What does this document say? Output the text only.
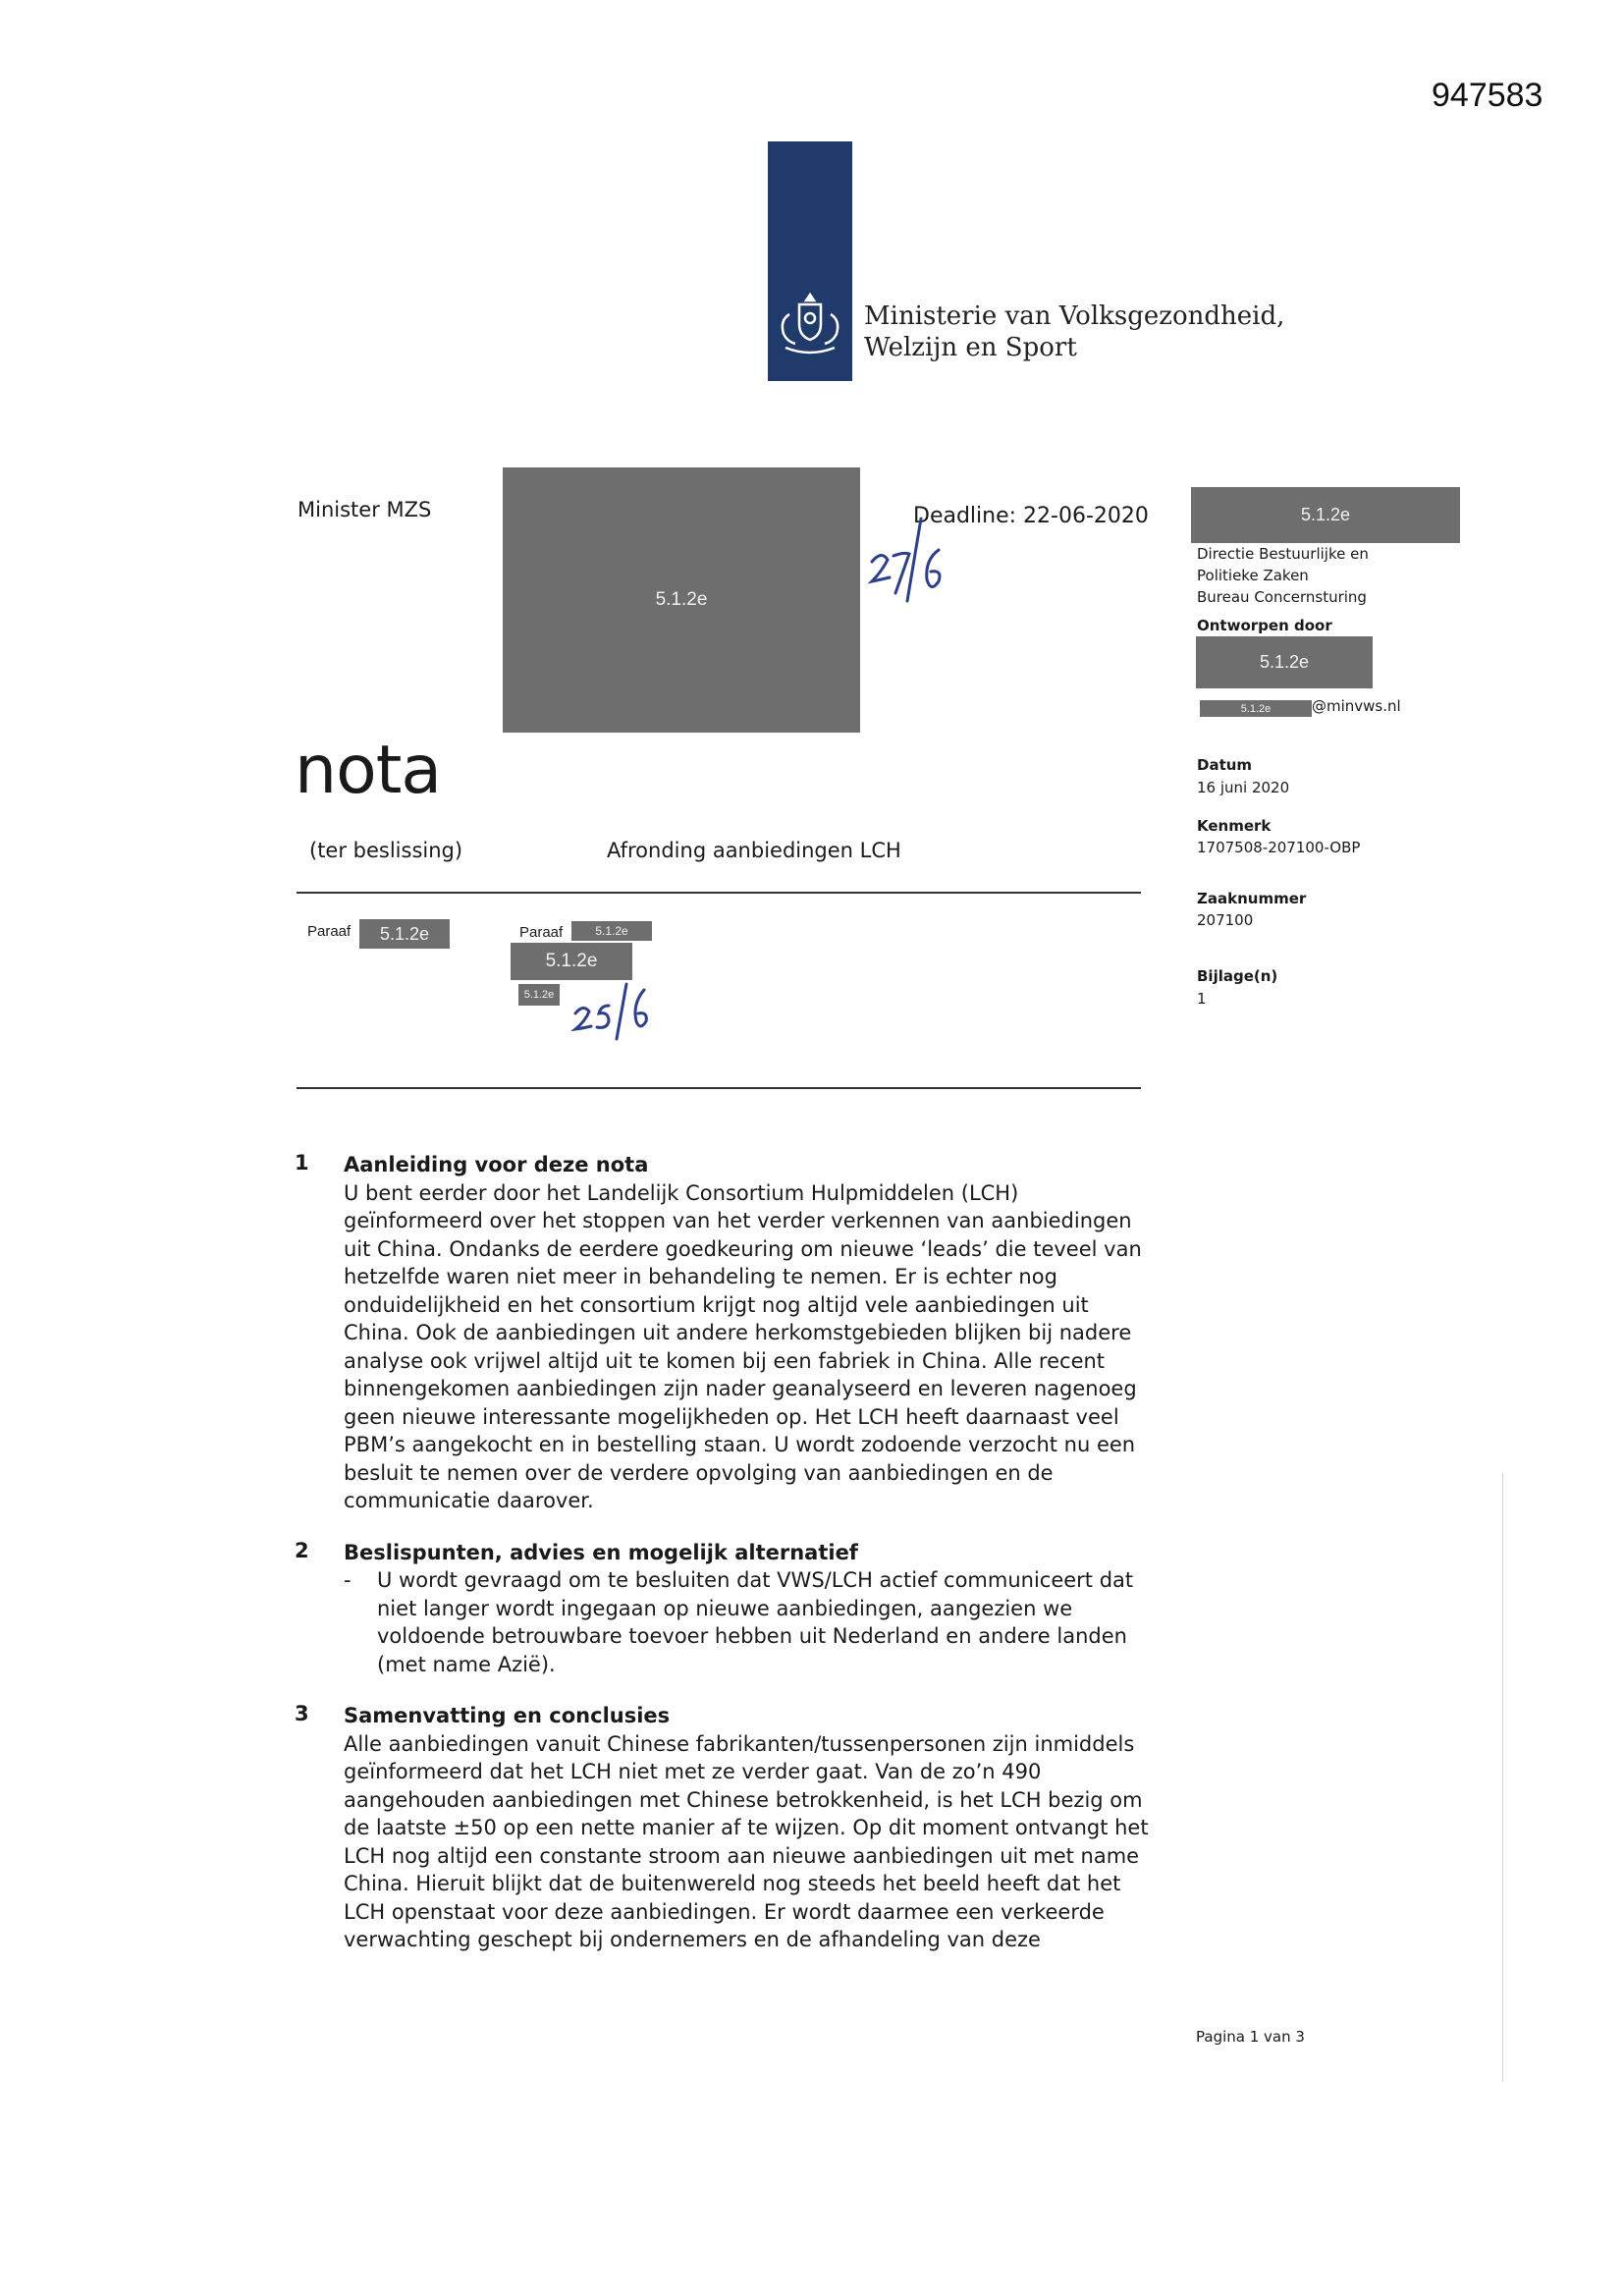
947583
Ministerie van Volksgezondheid,
Welzijn en Sport
Minister MZS
5.1.2e
Deadline: 22-06-2020	5.1.2e
Directie Bestuurlijke en
Politieke Zaken
Bureau Concernsturing
Ontworpen door
5.1.2e
5.1.2e	@minvws.nl
Datum
16 juni 2020
Kenmerk
1707508-207100-OBP
Zaaknummer
207100
Bijlage(n)
1
nota
(ter beslissing)	Afronding aanbiedingen LCH
Paraaf 5.1.2e	Paraaf	5.1.2e
5.1.2e
5.1.2e
1 Aanleiding voor deze nota
U bent eerder door het Landelijk Consortium Hulpmiddelen (LCH)
geïnformeerd over het stoppen van het verder verkennen van aanbiedingen
uit China. Ondanks de eerdere goedkeuring om nieuwe ‘leads’ die teveel van
hetzelfde waren niet meer in behandeling te nemen. Er is echter nog
onduidelijkheid en het consortium krijgt nog altijd vele aanbiedingen uit
China. Ook de aanbiedingen uit andere herkomstgebieden blijken bij nadere
analyse ook vrijwel altijd uit te komen bij een fabriek in China. Alle recent
binnengekomen aanbiedingen zijn nader geanalyseerd en leveren nagenoeg
geen nieuwe interessante mogelijkheden op. Het LCH heeft daarnaast veel
PBM’s aangekocht en in bestelling staan. U wordt zodoende verzocht nu een
besluit te nemen over de verdere opvolging van aanbiedingen en de
communicatie daarover.
2 Beslispunten, advies en mogelijk alternatief
- U wordt gevraagd om te besluiten dat VWS/LCH actief communiceert dat
niet langer wordt ingegaan op nieuwe aanbiedingen, aangezien we
voldoende betrouwbare toevoer hebben uit Nederland en andere landen
(met name Azië).
3 Samenvatting en conclusies
Alle aanbiedingen vanuit Chinese fabrikanten/tussenpersonen zijn inmiddels
geïnformeerd dat het LCH niet met ze verder gaat. Van de zo’n 490
aangehouden aanbiedingen met Chinese betrokkenheid, is het LCH bezig om
de laatste ±50 op een nette manier af te wijzen. Op dit moment ontvangt het
LCH nog altijd een constante stroom aan nieuwe aanbiedingen uit met name
China. Hieruit blijkt dat de buitenwereld nog steeds het beeld heeft dat het
LCH openstaat voor deze aanbiedingen. Er wordt daarmee een verkeerde
verwachting geschept bij ondernemers en de afhandeling van deze
Pagina 1 van 3
